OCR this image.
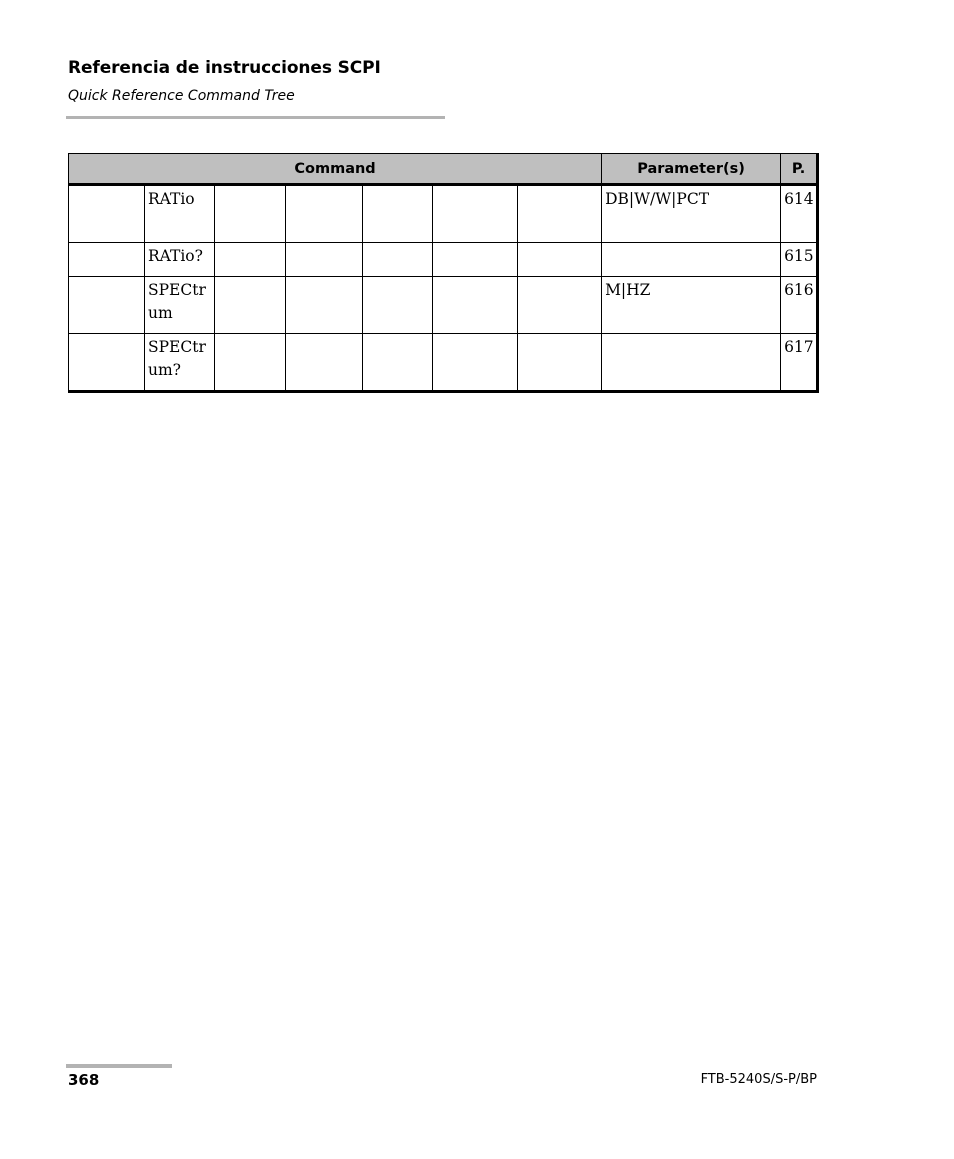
Referencia de instrucciones SCPI
Quick Reference Command Tree
Command							Parameter(s)	P.
	RATio						DB|W/W|PCT	614
	RATio?							615
	SPECtrum						M|HZ	616
	SPECtrum?							617
368	FTB-5240S/S-P/BP
